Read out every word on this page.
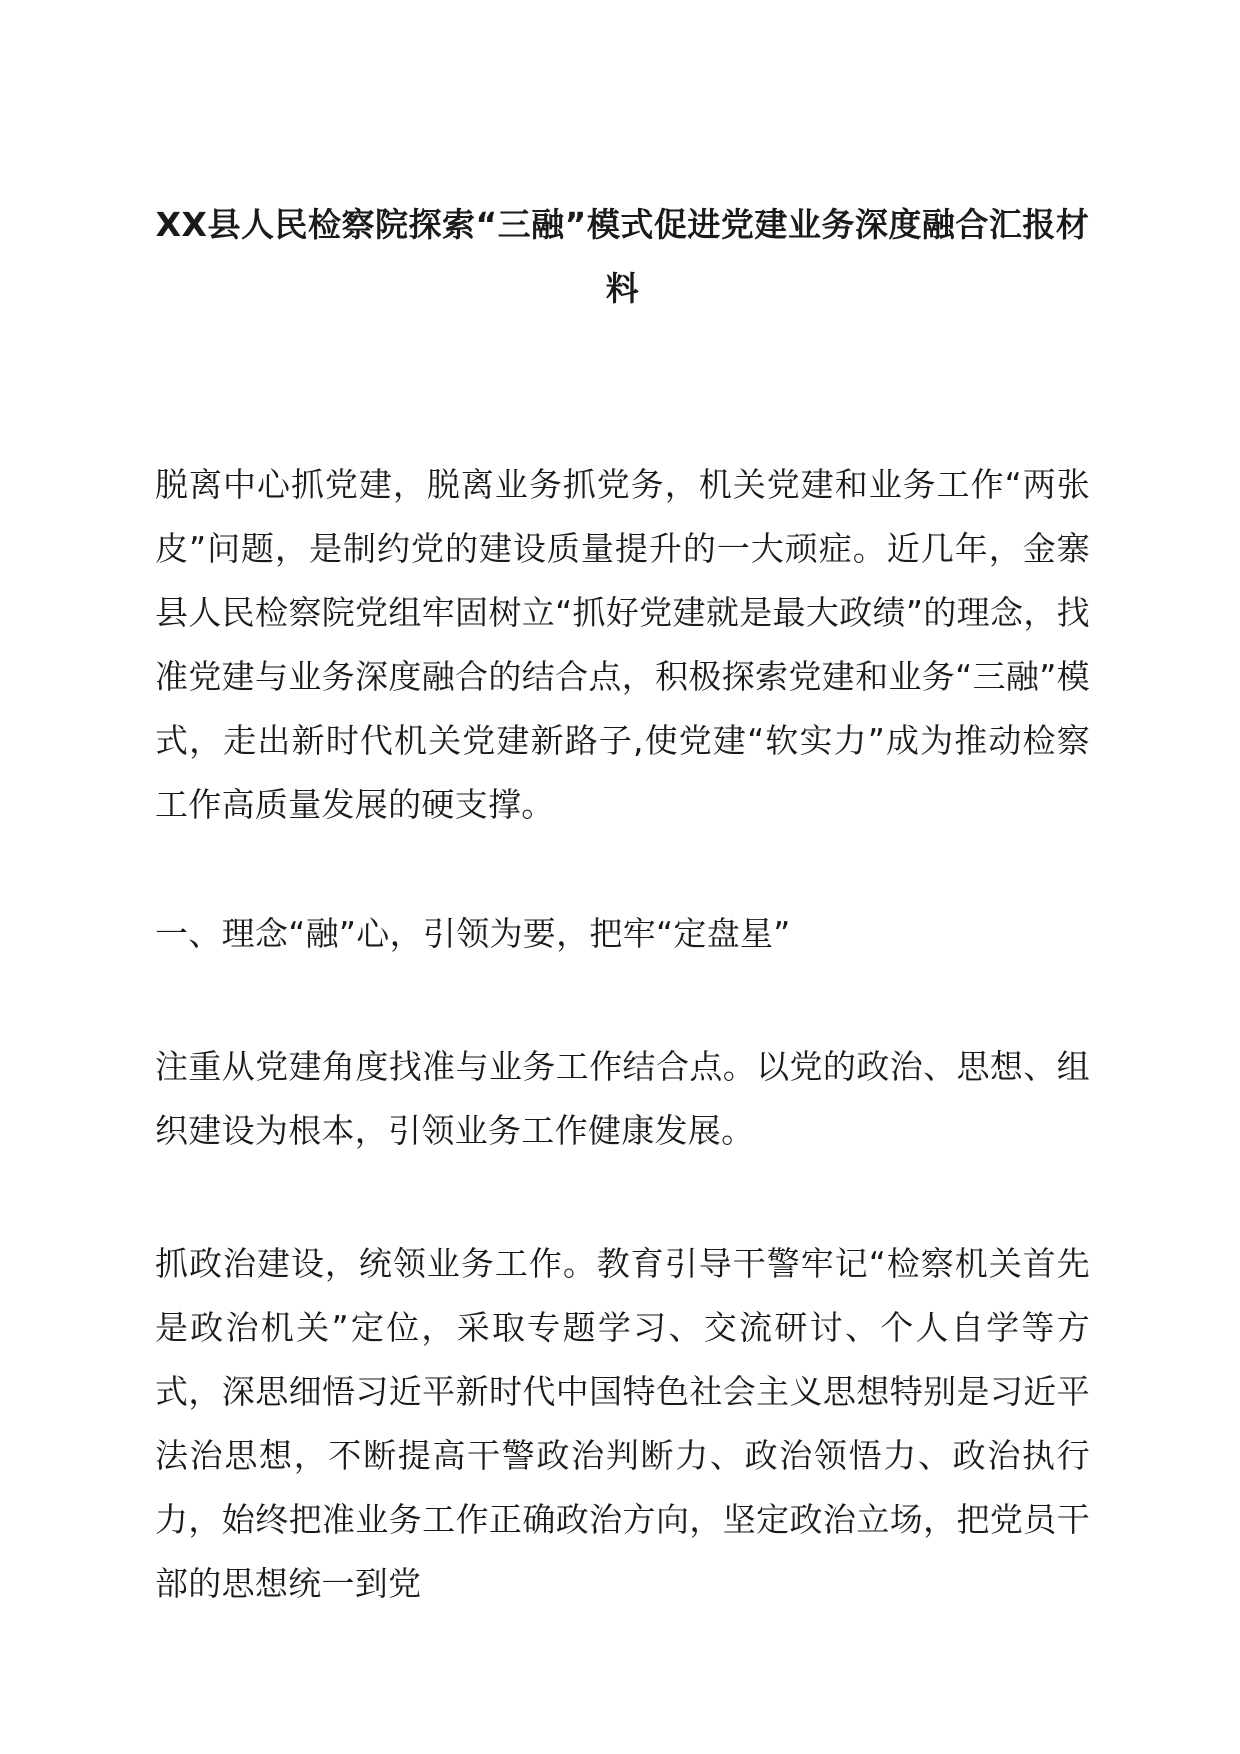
XX县人民检察院探索“三融”模式促进党建业务深度融合汇报材料

脱离中心抓党建，脱离业务抓党务，机关党建和业务工作“两张皮”问题，是制约党的建设质量提升的一大顽症。近几年，金寨县人民检察院党组牢固树立“抓好党建就是最大政绩”的理念，找准党建与业务深度融合的结合点，积极探索党建和业务“三融”模式，走出新时代机关党建新路子,使党建“软实力”成为推动检察工作高质量发展的硬支撑。

一、理念“融”心，引领为要，把牢“定盘星”

注重从党建角度找准与业务工作结合点。以党的政治、思想、组织建设为根本，引领业务工作健康发展。

抓政治建设，统领业务工作。教育引导干警牢记“检察机关首先是政治机关”定位，采取专题学习、交流研讨、个人自学等方式，深思细悟习近平新时代中国特色社会主义思想特别是习近平法治思想，不断提高干警政治判断力、政治领悟力、政治执行力，始终把准业务工作正确政治方向，坚定政治立场，把党员干部的思想统一到党
